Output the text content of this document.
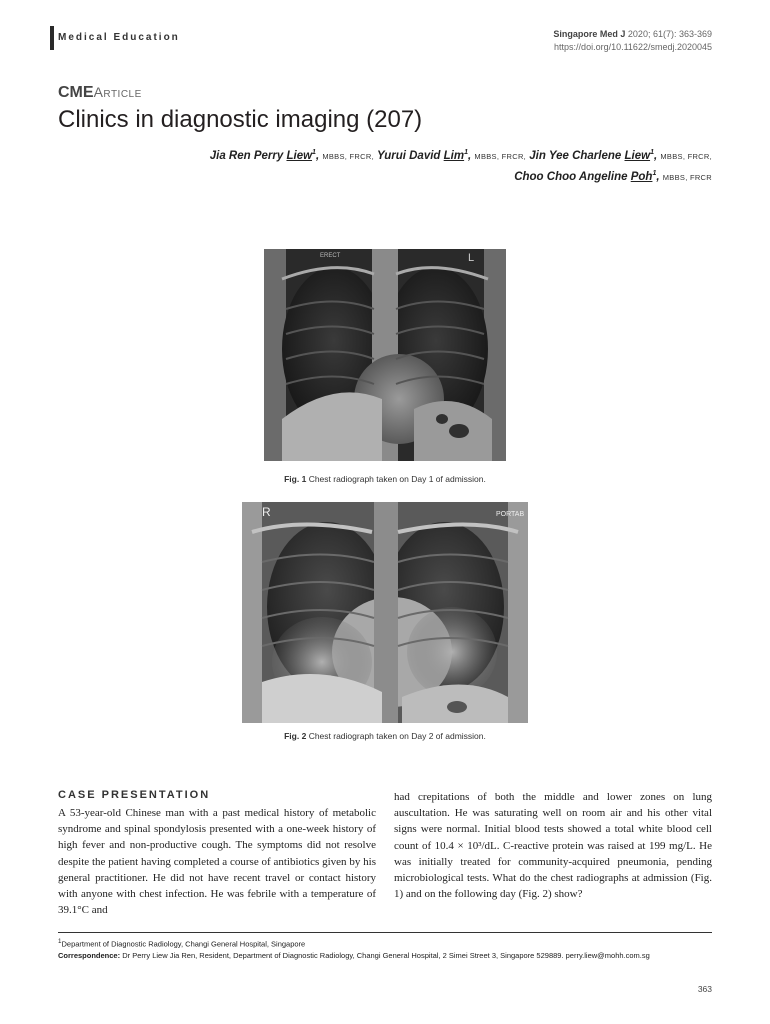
Medical Education	Singapore Med J 2020; 61(7): 363-369
https://doi.org/10.11622/smedj.2020045
CMEArticle
Clinics in diagnostic imaging (207)
Jia Ren Perry Liew$^1$, MBBS, FRCR, Yurui David Lim$^1$, MBBS, FRCR, Jin Yee Charlene Liew$^1$, MBBS, FRCR,
Choo Choo Angeline Poh$^1$, MBBS, FRCR
ERECT	L
Fig. 1 Chest radiograph taken on Day 1 of admission.
R	PORTAB
Fig. 2 Chest radiograph taken on Day 2 of admission.
CASE PRESENTATION
A 53-year-old Chinese man with a past medical history of metabolic syndrome and spinal spondylosis presented with a one-week history of high fever and non-productive cough. The symptoms did not resolve despite the patient having completed a course of antibiotics given by his general practitioner. He did not have recent travel or contact history with anyone with chest infection. He was febrile with a temperature of 39.1°C and
had crepitations of both the middle and lower zones on lung auscultation. He was saturating well on room air and his other vital signs were normal. Initial blood tests showed a total white blood cell count of 10.4 × 10³/dL. C-reactive protein was raised at 199 mg/L. He was initially treated for community-acquired pneumonia, pending microbiological tests. What do the chest radiographs at admission (Fig. 1) and on the following day (Fig. 2) show?
$^1$Department of Diagnostic Radiology, Changi General Hospital, Singapore
Correspondence: Dr Perry Liew Jia Ren, Resident, Department of Diagnostic Radiology, Changi General Hospital, 2 Simei Street 3, Singapore 529889. perry.liew@mohh.com.sg
363
